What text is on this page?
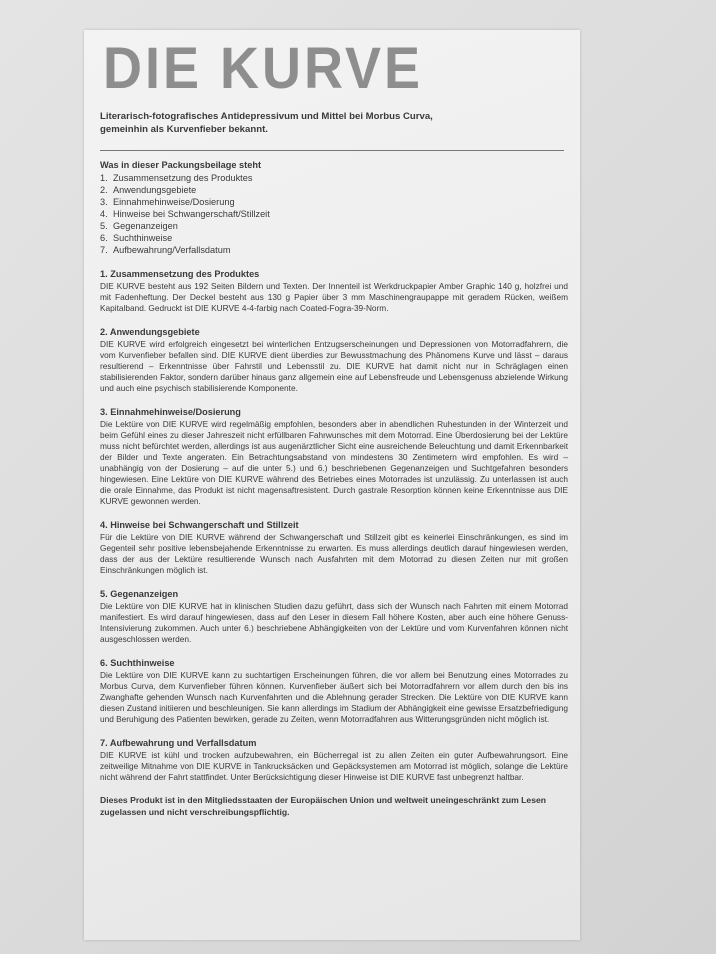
DIE KURVE
Literarisch-fotografisches Antidepressivum und Mittel bei Morbus Curva, gemeinhin als Kurvenfieber bekannt.
Was in dieser Packungsbeilage steht
1. Zusammensetzung des Produktes
2. Anwendungsgebiete
3. Einnahmehinweise/Dosierung
4. Hinweise bei Schwangerschaft/Stillzeit
5. Gegenanzeigen
6. Suchthinweise
7. Aufbewahrung/Verfallsdatum
1. Zusammensetzung des Produktes
DIE KURVE besteht aus 192 Seiten Bildern und Texten. Der Innenteil ist Werkdruckpapier Amber Graphic 140 g, holzfrei und mit Fadenheftung. Der Deckel besteht aus 130 g Papier über 3 mm Maschinengraupappe mit geradem Rücken, weißem Kapitalband. Gedruckt ist DIE KURVE 4-4-farbig nach Coated-Fogra-39-Norm.
2. Anwendungsgebiete
DIE KURVE wird erfolgreich eingesetzt bei winterlichen Entzugserscheinungen und Depressionen von Motorradfahrern, die vom Kurvenfieber befallen sind. DIE KURVE dient überdies zur Bewusstmachung des Phänomens Kurve und lässt – daraus resultierend – Erkenntnisse über Fahrstil und Lebensstil zu. DIE KURVE hat damit nicht nur in Schräglagen einen stabilisierenden Faktor, sondern darüber hinaus ganz allgemein eine auf Lebensfreude und Lebensgenuss abzielende Wirkung und auch eine psychisch stabilisierende Komponente.
3. Einnahmehinweise/Dosierung
Die Lektüre von DIE KURVE wird regelmäßig empfohlen, besonders aber in abendlichen Ruhestunden in der Winterzeit und beim Gefühl eines zu dieser Jahreszeit nicht erfüllbaren Fahrwunsches mit dem Motorrad. Eine Überdosierung bei der Lektüre muss nicht befürchtet werden, allerdings ist aus augenärztlicher Sicht eine ausreichende Beleuchtung und damit Erkennbarkeit der Bilder und Texte angeraten. Ein Betrachtungsabstand von mindestens 30 Zentimetern wird empfohlen. Es wird – unabhängig von der Dosierung – auf die unter 5.) und 6.) beschriebenen Gegenanzeigen und Suchtgefahren besonders hingewiesen. Eine Lektüre von DIE KURVE während des Betriebes eines Motorrades ist unzulässig. Zu unterlassen ist auch die orale Einnahme, das Produkt ist nicht magensaftresistent. Durch gastrale Resorption können keine Erkenntnisse aus DIE KURVE gewonnen werden.
4. Hinweise bei Schwangerschaft und Stillzeit
Für die Lektüre von DIE KURVE während der Schwangerschaft und Stillzeit gibt es keinerlei Einschränkungen, es sind im Gegenteil sehr positive lebensbejahende Erkenntnisse zu erwarten. Es muss allerdings deutlich darauf hingewiesen werden, dass der aus der Lektüre resultierende Wunsch nach Ausfahrten mit dem Motorrad zu diesen Zeiten nur mit großen Einschränkungen möglich ist.
5. Gegenanzeigen
Die Lektüre von DIE KURVE hat in klinischen Studien dazu geführt, dass sich der Wunsch nach Fahrten mit einem Motorrad manifestiert. Es wird darauf hingewiesen, dass auf den Leser in diesem Fall höhere Kosten, aber auch eine höhere Genuss-Intensivierung zukommen. Auch unter 6.) beschriebene Abhängigkeiten von der Lektüre und vom Kurvenfahren können nicht ausgeschlossen werden.
6. Suchthinweise
Die Lektüre von DIE KURVE kann zu suchtartigen Erscheinungen führen, die vor allem bei Benutzung eines Motorrades zu Morbus Curva, dem Kurvenfieber führen können. Kurvenfieber äußert sich bei Motorradfahrern vor allem durch den bis ins Zwanghafte gehenden Wunsch nach Kurvenfahrten und die Ablehnung gerader Strecken. Die Lektüre von DIE KURVE kann diesen Zustand initiieren und beschleunigen. Sie kann allerdings im Stadium der Abhängigkeit eine gewisse Ersatzbefriedigung und Beruhigung des Patienten bewirken, gerade zu Zeiten, wenn Motorradfahren aus Witterungsgründen nicht möglich ist.
7. Aufbewahrung und Verfallsdatum
DIE KURVE ist kühl und trocken aufzubewahren, ein Bücherregal ist zu allen Zeiten ein guter Aufbewahrungsort. Eine zeitweilige Mitnahme von DIE KURVE in Tankrucksäcken und Gepäcksystemen am Motorrad ist möglich, solange die Lektüre nicht während der Fahrt stattfindet. Unter Berücksichtigung dieser Hinweise ist DIE KURVE fast unbegrenzt haltbar.
Dieses Produkt ist in den Mitgliedsstaaten der Europäischen Union und weltweit uneingeschränkt zum Lesen zugelassen und nicht verschreibungspflichtig.
